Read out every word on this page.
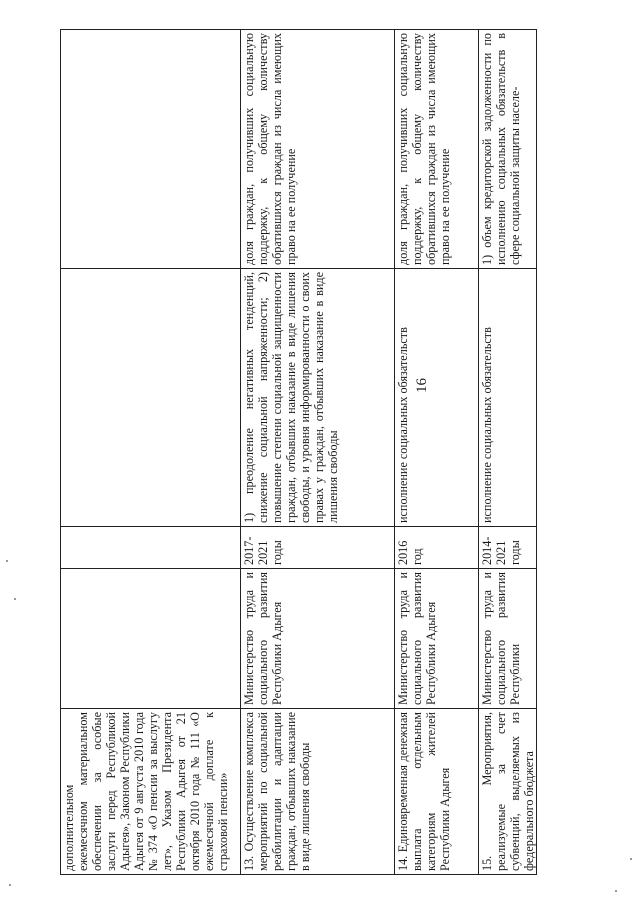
дополнительном ежемесячном материальном обеспечении за особые заслуги перед Республикой Адыгея», Законом Республики Адыгея от 9 августа 2010 года № 374 «О пенсии за выслугу лет», Указом Президента Республики Адыгея от 21 октября 2010 года № 111 «О ежемесячной доплате к страховой пенсии»				
13. Осуществление комплекса мероприятий по социальной реабилитации и адаптации граждан, отбывших наказание в виде лишения свободы	Министерство труда и социального развития Республики Адыгея	2017-2021 годы	1) преодоление негативных тенденций, снижение социальной напряженности; 2) повышение степени социальной защищенности граждан, отбывших наказание в виде лишения свободы, и уровня информированности о своих правах у граждан, отбывших наказание в виде лишения свободы	доля граждан, получивших социальную поддержку, к общему количеству обратившихся граждан из числа имеющих право на ее получение
14. Единовременная денежная выплата отдельным категориям жителей Республики Адыгея	Министерство труда и социального развития Республики Адыгея	2016 год	исполнение социальных обязательств	доля граждан, получивших социальную поддержку, к общему количеству обратившихся граждан из числа имеющих право на ее получение
15. Мероприятия, реализуемые за счет субвенций, выделяемых из федерального бюджета	Министерство труда и социального развития Республики	2014-2021 годы	исполнение социальных обязательств	1) объем кредиторской задолженности по исполнению социальных обязательств в сфере социальной защиты населе-
16
